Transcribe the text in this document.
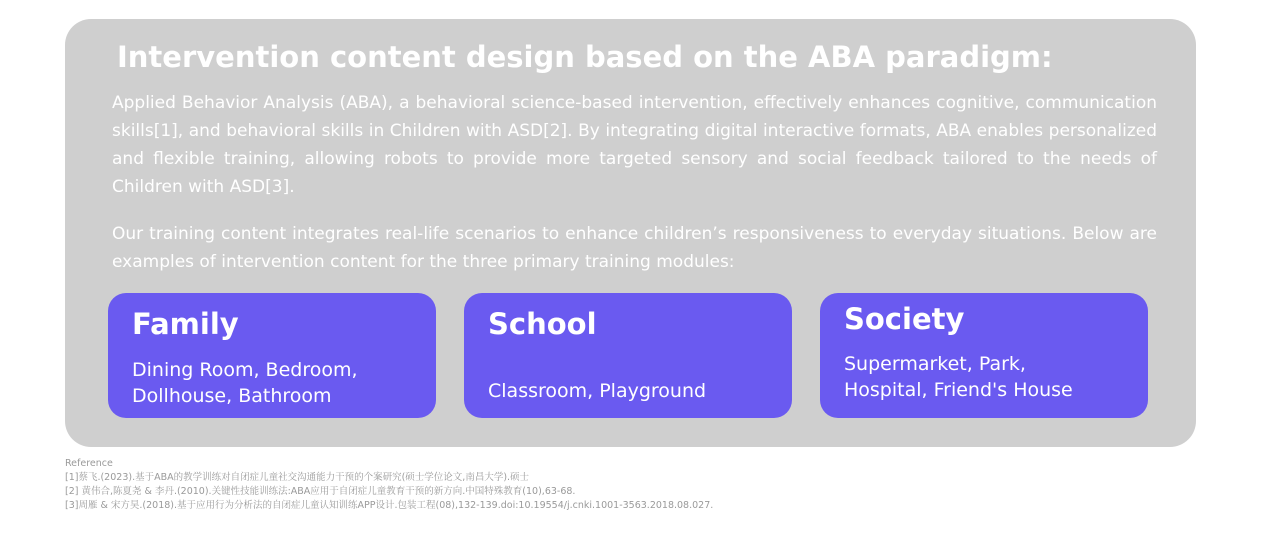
Intervention content design based on the ABA paradigm:
Applied Behavior Analysis (ABA), a behavioral science-based intervention, effectively enhances cognitive, communication skills[1], and behavioral skills in Children with ASD[2]. By integrating digital interactive formats, ABA enables personalized and flexible training, allowing robots to provide more targeted sensory and social feedback tailored to the needs of Children with ASD[3].
Our training content integrates real-life scenarios to enhance children’s responsiveness to everyday situations. Below are examples of intervention content for the three primary training modules:
Family
Dining Room, Bedroom,
Dollhouse, Bathroom
School
Classroom, Playground
Society
Supermarket, Park,
Hospital, Friend's House
Reference
[1]蔡飞.(2023).基于ABA的教学训练对自闭症儿童社交沟通能力干预的个案研究(硕士学位论文,南昌大学).硕士
[2] 黄伟合,陈夏尧 & 李丹.(2010).关键性技能训练法:ABA应用于自闭症儿童教育干预的新方向.中国特殊教育(10),63-68.
[3]周雁 & 宋方昊.(2018).基于应用行为分析法的自闭症儿童认知训练APP设计.包装工程(08),132-139.doi:10.19554/j.cnki.1001-3563.2018.08.027.
